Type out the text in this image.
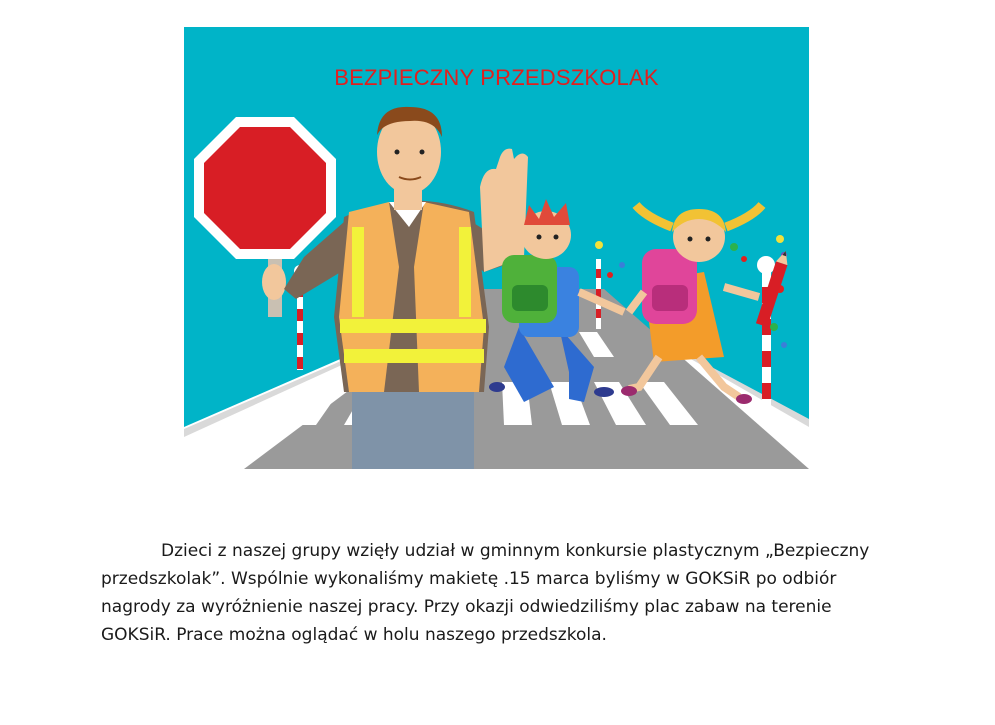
BEZPIECZNY PRZEDSZKOLAK

Dzieci z naszej grupy wzięły udział w gminnym konkursie plastycznym „Bezpieczny przedszkolak”. Wspólnie wykonaliśmy makietę .15 marca byliśmy w GOKSiR po odbiór nagrody za wyróżnienie naszej pracy. Przy okazji odwiedziliśmy plac zabaw na terenie GOKSiR. Prace można oglądać w holu naszego przedszkola.
